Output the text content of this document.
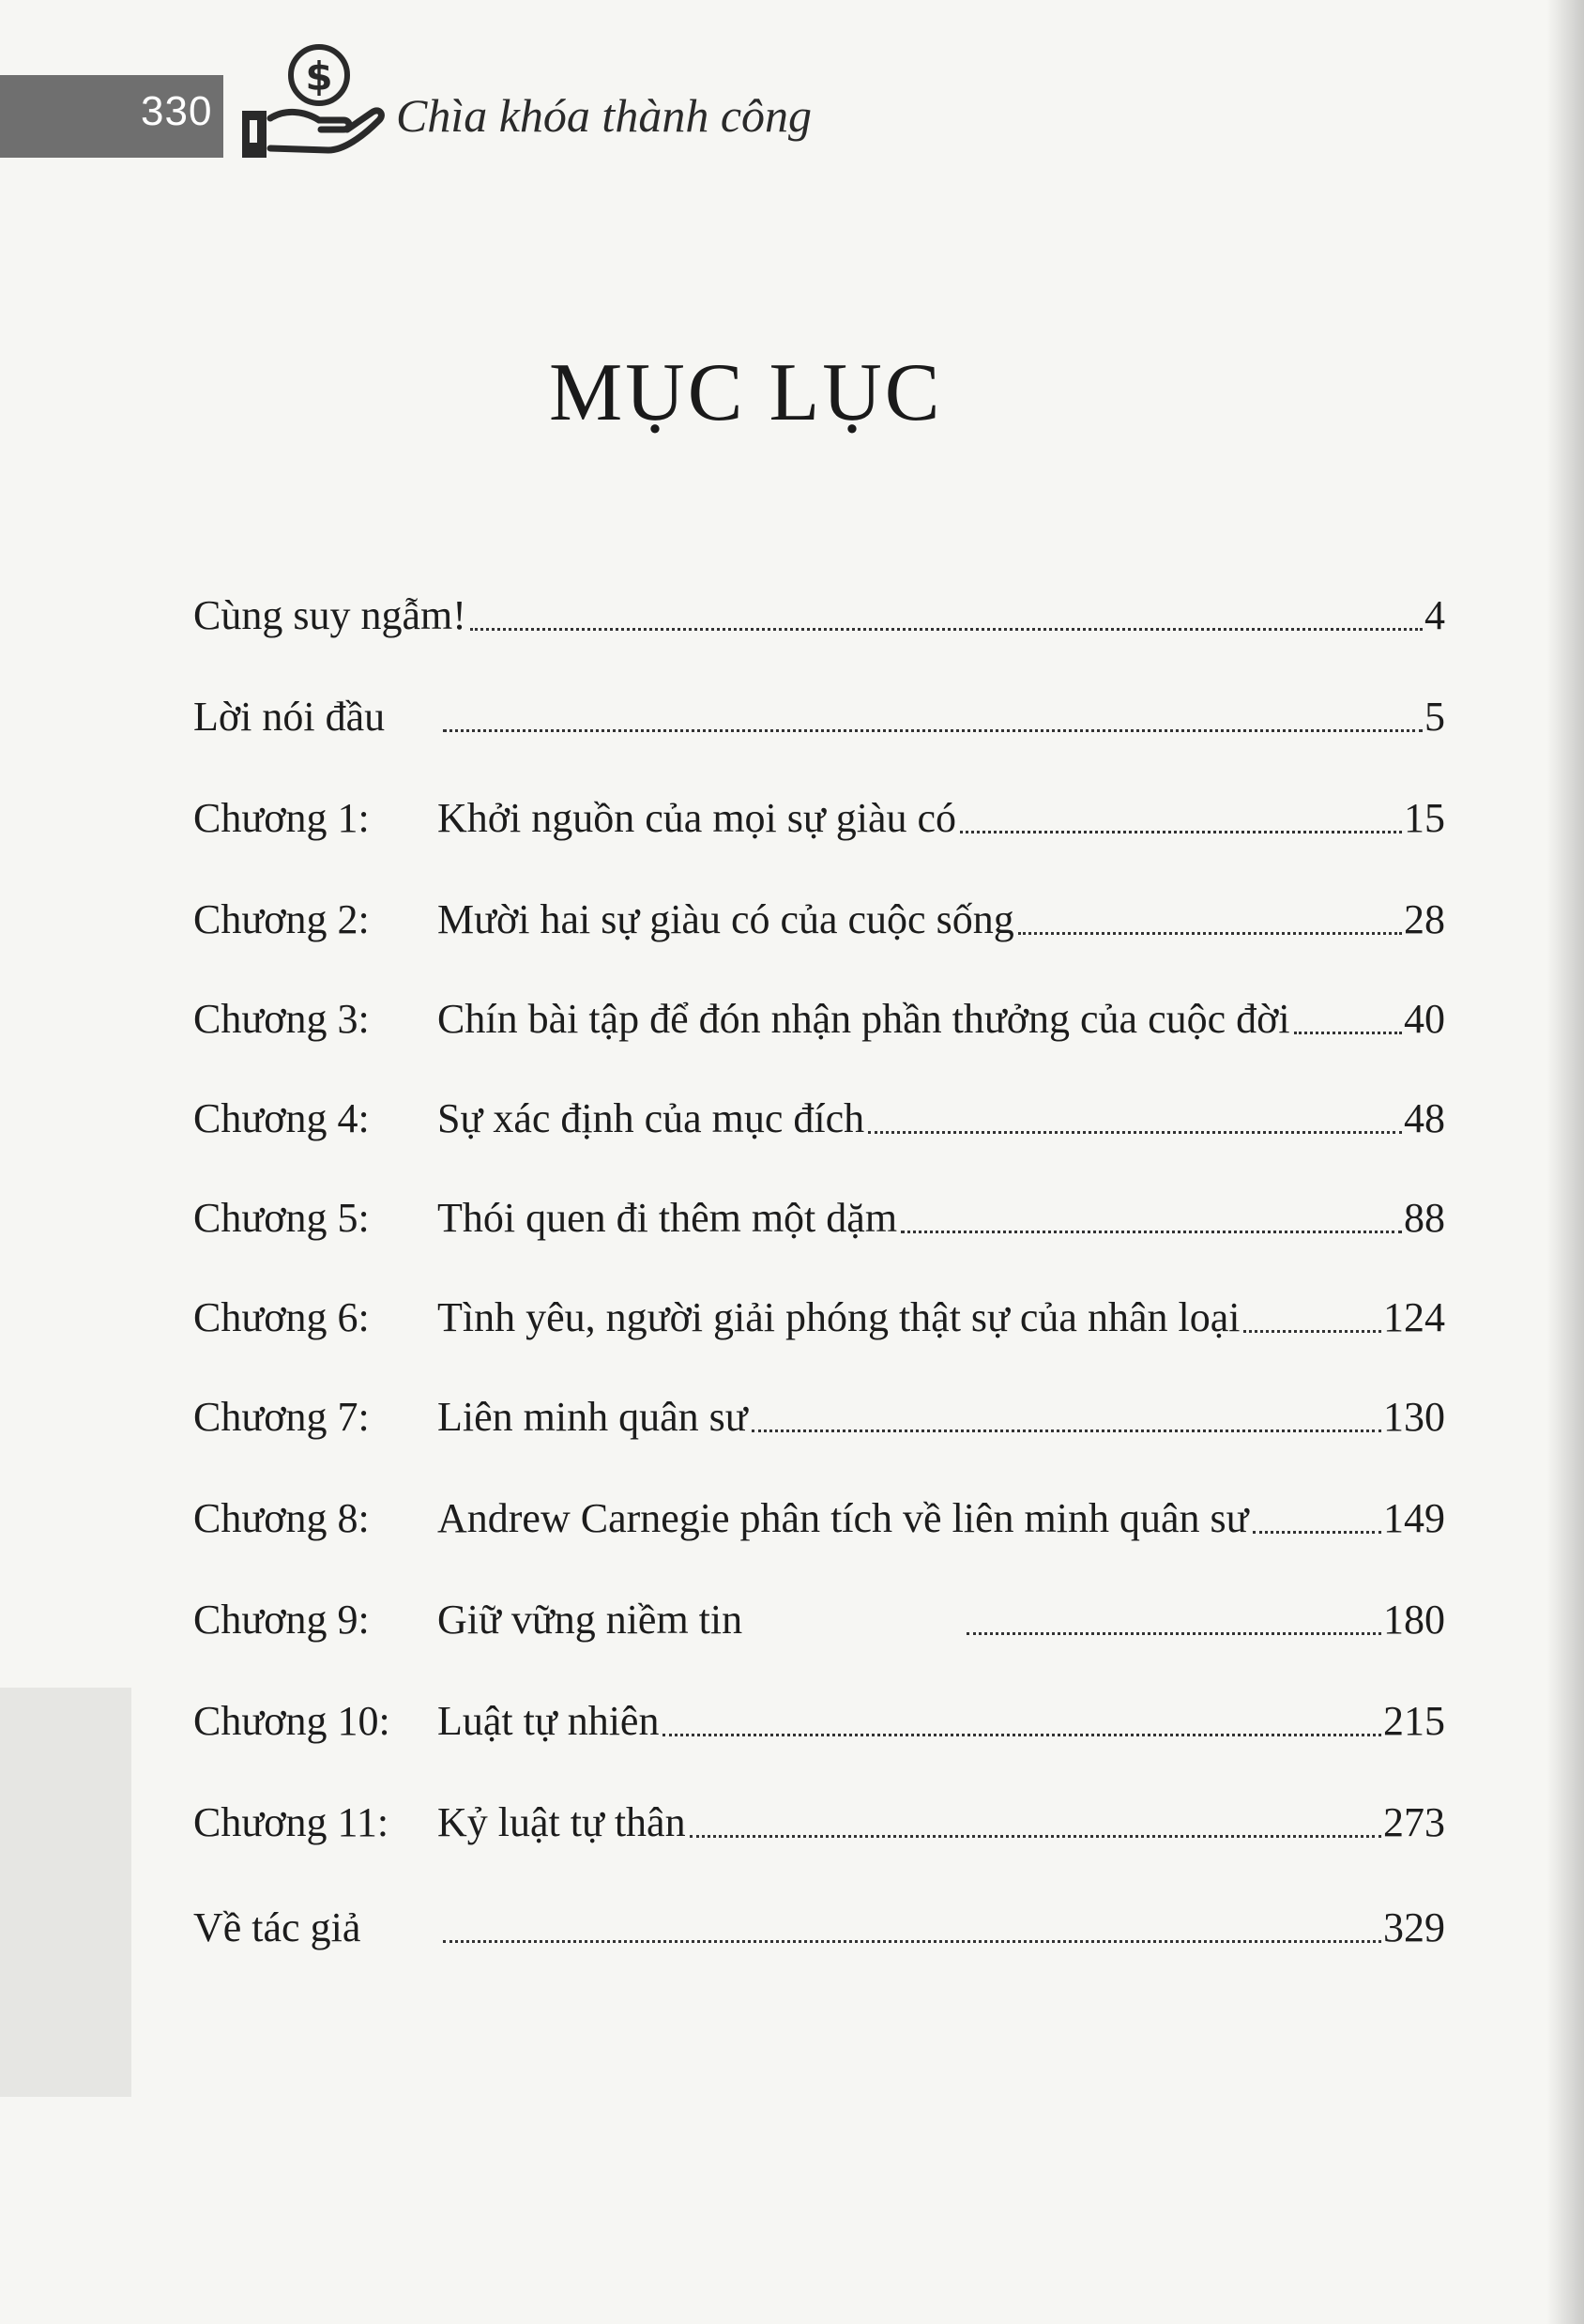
330
$
Chìa khóa thành công
MỤC LỤC
Cùng suy ngẫm!	4
Lời nói đầu	5
Chương 1: Khởi nguồn của mọi sự giàu có	15
Chương 2: Mười hai sự giàu có của cuộc sống	28
Chương 3: Chín bài tập để đón nhận phần thưởng của cuộc đời	40
Chương 4: Sự xác định của mục đích	48
Chương 5: Thói quen đi thêm một dặm	88
Chương 6: Tình yêu, người giải phóng thật sự của nhân loại	124
Chương 7: Liên minh quân sư	130
Chương 8: Andrew Carnegie phân tích về liên minh quân sư	149
Chương 9: Giữ vững niềm tin	180
Chương 10: Luật tự nhiên	215
Chương 11: Kỷ luật tự thân	273
Về tác giả	329
